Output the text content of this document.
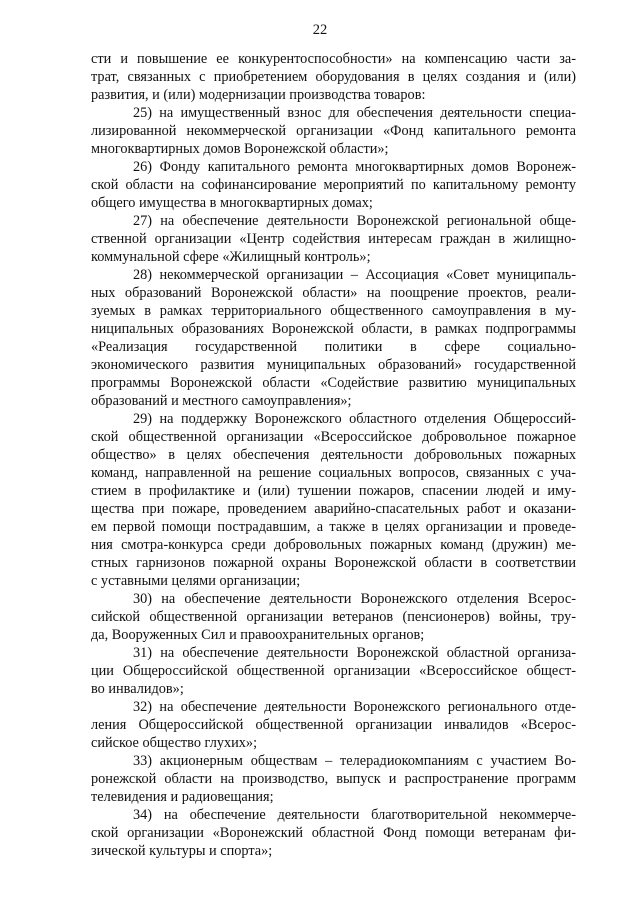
22
сти и повышение ее конкурентоспособности» на компенсацию части за-
трат, связанных с приобретением оборудования в целях создания и (или)
развития, и (или) модернизации производства товаров:
25) на имущественный взнос для обеспечения деятельности специа-
лизированной некоммерческой организации «Фонд капитального ремонта
многоквартирных домов Воронежской области»;
26) Фонду капитального ремонта многоквартирных домов Воронеж-
ской области на софинансирование мероприятий по капитальному ремонту
общего имущества в многоквартирных домах;
27) на обеспечение деятельности Воронежской региональной обще-
ственной организации «Центр содействия интересам граждан в жилищно-
коммунальной сфере «Жилищный контроль»;
28) некоммерческой организации – Ассоциация «Совет муниципаль-
ных образований Воронежской области» на поощрение проектов, реали-
зуемых в рамках территориального общественного самоуправления в му-
ниципальных образованиях Воронежской области, в рамках подпрограммы
«Реализация государственной политики в сфере социально-
экономического развития муниципальных образований» государственной
программы Воронежской области «Содействие развитию муниципальных
образований и местного самоуправления»;
29) на поддержку Воронежского областного отделения Общероссий-
ской общественной организации «Всероссийское добровольное пожарное
общество» в целях обеспечения деятельности добровольных пожарных
команд, направленной на решение социальных вопросов, связанных с уча-
стием в профилактике и (или) тушении пожаров, спасении людей и иму-
щества при пожаре, проведением аварийно-спасательных работ и оказани-
ем первой помощи пострадавшим, а также в целях организации и проведе-
ния смотра-конкурса среди добровольных пожарных команд (дружин) ме-
стных гарнизонов пожарной охраны Воронежской области в соответствии
с уставными целями организации;
30) на обеспечение деятельности Воронежского отделения Всерос-
сийской общественной организации ветеранов (пенсионеров) войны, тру-
да, Вооруженных Сил и правоохранительных органов;
31) на обеспечение деятельности Воронежской областной организа-
ции Общероссийской общественной организации «Всероссийское общест-
во инвалидов»;
32) на обеспечение деятельности Воронежского регионального отде-
ления Общероссийской общественной организации инвалидов «Всерос-
сийское общество глухих»;
33) акционерным обществам – телерадиокомпаниям с участием Во-
ронежской области на производство, выпуск и распространение программ
телевидения и радиовещания;
34) на обеспечение деятельности благотворительной некоммерче-
ской организации «Воронежский областной Фонд помощи ветеранам фи-
зической культуры и спорта»;
